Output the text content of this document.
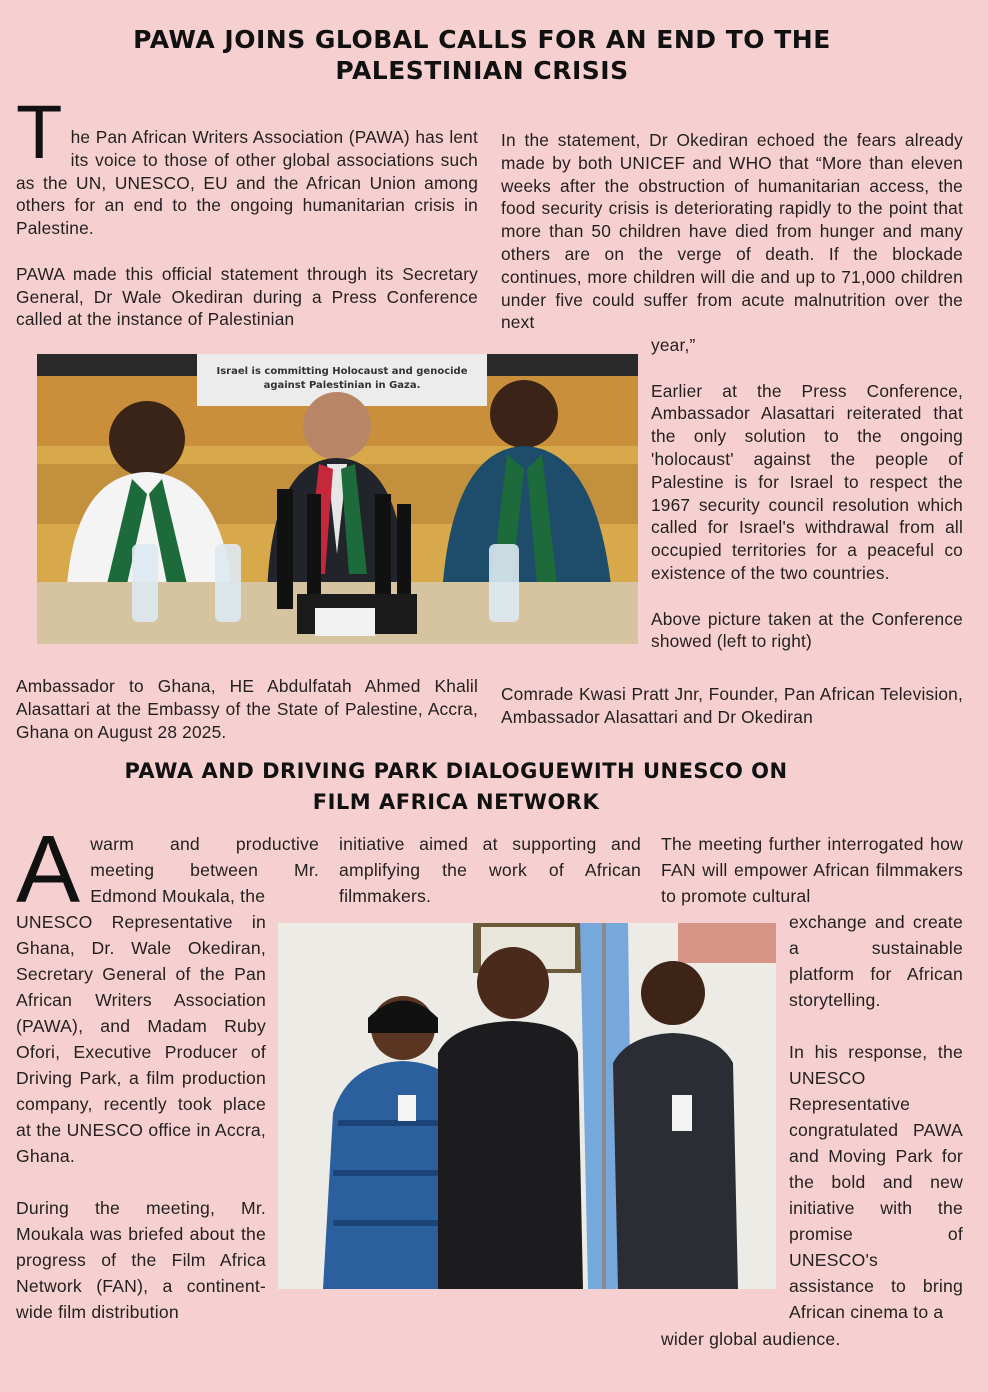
PAWA JOINS GLOBAL CALLS FOR AN END TO THE
PALESTINIAN CRISIS

The Pan African Writers Association (PAWA) has lent its voice to those of other global associations such as the UN, UNESCO, EU and the African Union among others for an end to the ongoing humanitarian crisis in Palestine.

PAWA made this official statement through its Secretary General, Dr Wale Okediran during a Press Conference called at the instance of Palestinian

Israel is committing Holocaust and genocide
against Palestinian in Gaza.

Ambassador to Ghana, HE Abdulfatah Ahmed Khalil Alasattari at the Embassy of the State of Palestine, Accra, Ghana on August 28 2025.

In the statement, Dr Okediran echoed the fears already made by both UNICEF and WHO that “More than eleven weeks after the obstruction of humanitarian access, the food security crisis is deteriorating rapidly to the point that more than 50 children have died from hunger and many others are on the verge of death. If the blockade continues, more children will die and up to 71,000 children under five could suffer from acute malnutrition over the next

year,”

Earlier at the Press Conference, Ambassador Alasattari reiterated that the only solution to the ongoing 'holocaust' against the people of Palestine is for Israel to respect the 1967 security council resolution which called for Israel's withdrawal from all occupied territories for a peaceful co existence of the two countries.

Above picture taken at the Conference showed (left to right)

Comrade Kwasi Pratt Jnr, Founder, Pan African Television, Ambassador Alasattari and Dr Okediran

PAWA AND DRIVING PARK DIALOGUEWITH UNESCO ON
FILM AFRICA NETWORK

Awarm and productive meeting between Mr. Edmond Moukala, the

UNESCO Representative in Ghana, Dr. Wale Okediran, Secretary General of the Pan African Writers Association (PAWA), and Madam Ruby Ofori, Executive Producer of Driving Park, a film production company, recently took place at the UNESCO office in Accra, Ghana.

During the meeting, Mr. Moukala was briefed about the progress of the Film Africa Network (FAN), a continent-wide film distribution

initiative aimed at supporting and amplifying the work of African filmmakers.

The meeting further interrogated how FAN will empower African filmmakers to promote cultural

exchange and create a sustainable platform for African storytelling.

In his response, the UNESCO Representative congratulated PAWA and Moving Park for the bold and new initiative with the promise of UNESCO's assistance to bring African cinema to a

wider global audience.
